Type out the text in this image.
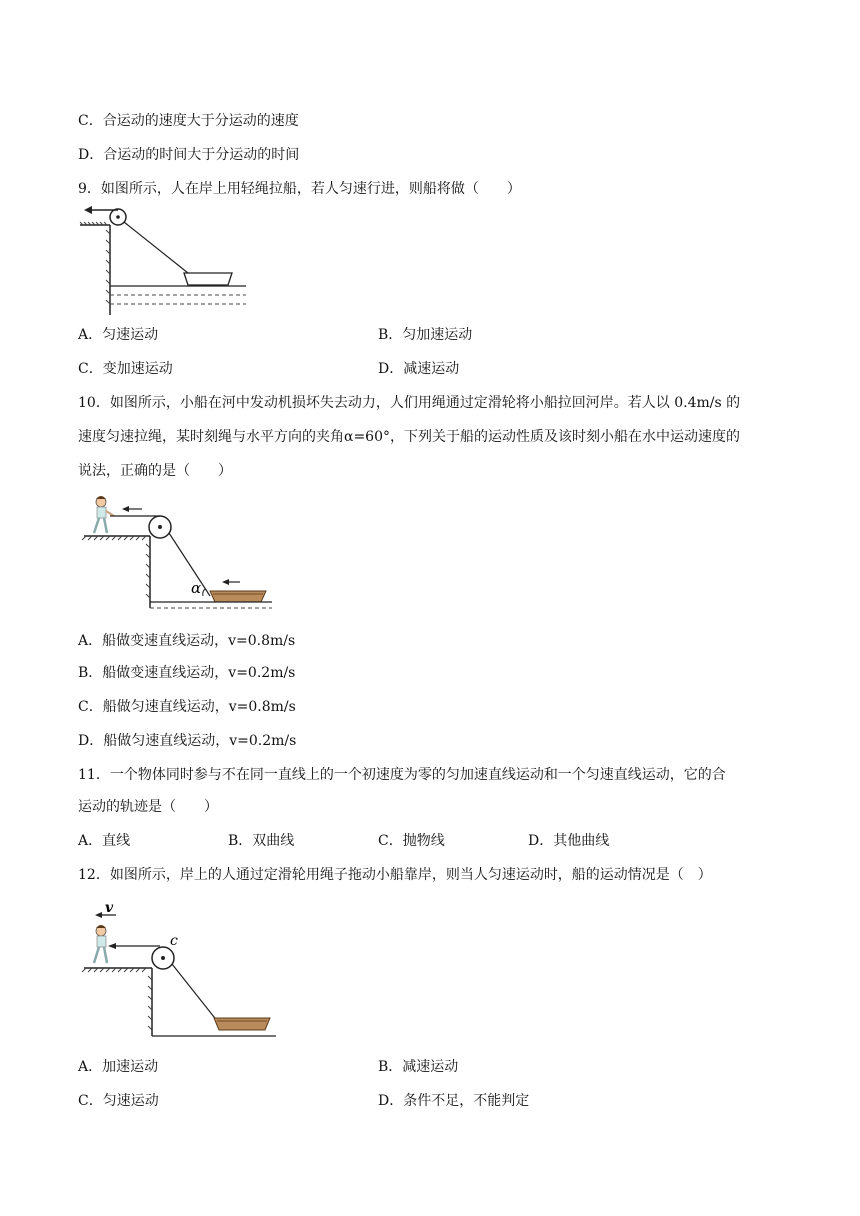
C．合运动的速度大于分运动的速度
D．合运动的时间大于分运动的时间
9．如图所示，人在岸上用轻绳拉船，若人匀速行进，则船将做（　　）
A．匀速运动	B．匀加速运动
C．变加速运动	D．减速运动
10．如图所示，小船在河中发动机损坏失去动力，人们用绳通过定滑轮将小船拉回河岸。若人以 0.4m/s 的
速度匀速拉绳，某时刻绳与水平方向的夹角α=60°，下列关于船的运动性质及该时刻小船在水中运动速度的
说法，正确的是（　　）
α
A．船做变速直线运动，v=0.8m/s
B．船做变速直线运动，v=0.2m/s
C．船做匀速直线运动，v=0.8m/s
D．船做匀速直线运动，v=0.2m/s
11．一个物体同时参与不在同一直线上的一个初速度为零的匀加速直线运动和一个匀速直线运动，它的合
运动的轨迹是（　　）
A．直线	B．双曲线	C．抛物线	D．其他曲线
12．如图所示，岸上的人通过定滑轮用绳子拖动小船靠岸，则当人匀速运动时，船的运动情况是（　）
v
c
A．加速运动	B．减速运动
C．匀速运动	D．条件不足，不能判定
